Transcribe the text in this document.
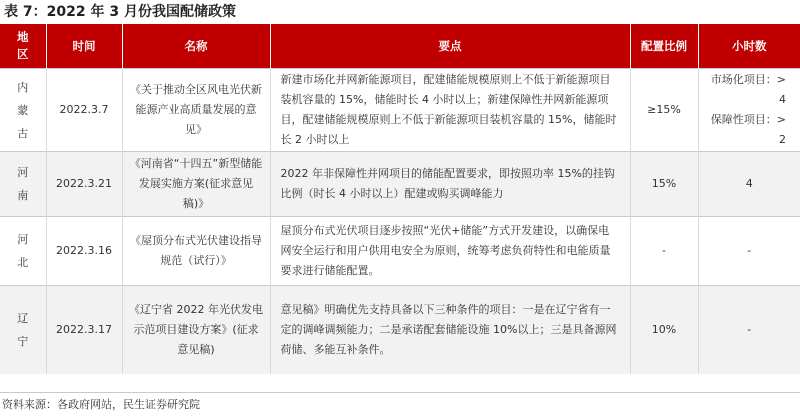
表 7：2022 年 3 月份我国配储政策
地区	时间	名称	要点	配置比例	小时数
内蒙古	2022.3.7	《关于推动全区风电光伏新能源产业高质量发展的意见》	新建市场化并网新能源项目，配建储能规模原则上不低于新能源项目装机容量的 15%，储能时长 4 小时以上；新建保障性并网新能源项目，配建储能规模原则上不低于新能源项目装机容量的 15%，储能时长 2 小时以上	≥15%	市场化项目：> 4
保障性项目：> 2
河南	2022.3.21	《河南省“十四五”新型储能发展实施方案(征求意见稿)》	2022 年非保障性并网项目的储能配置要求，即按照功率 15%的挂钩比例（时长 4 小时以上）配建或购买调峰能力	15%	4
河北	2022.3.16	《屋顶分布式光伏建设指导规范（试行）》	屋顶分布式光伏项目逐步按照“光伏+储能”方式开发建设，以确保电网安全运行和用户供用电安全为原则，统筹考虑负荷特性和电能质量要求进行储能配置。	-	-
辽宁	2022.3.17	《辽宁省 2022 年光伏发电示范项目建设方案》(征求意见稿)	意见稿》明确优先支持具备以下三种条件的项目：一是在辽宁省有一定的调峰调频能力；二是承诺配套储能设施 10%以上；三是具备源网荷储、多能互补条件。	10%	-
资料来源：各政府网站，民生证券研究院
